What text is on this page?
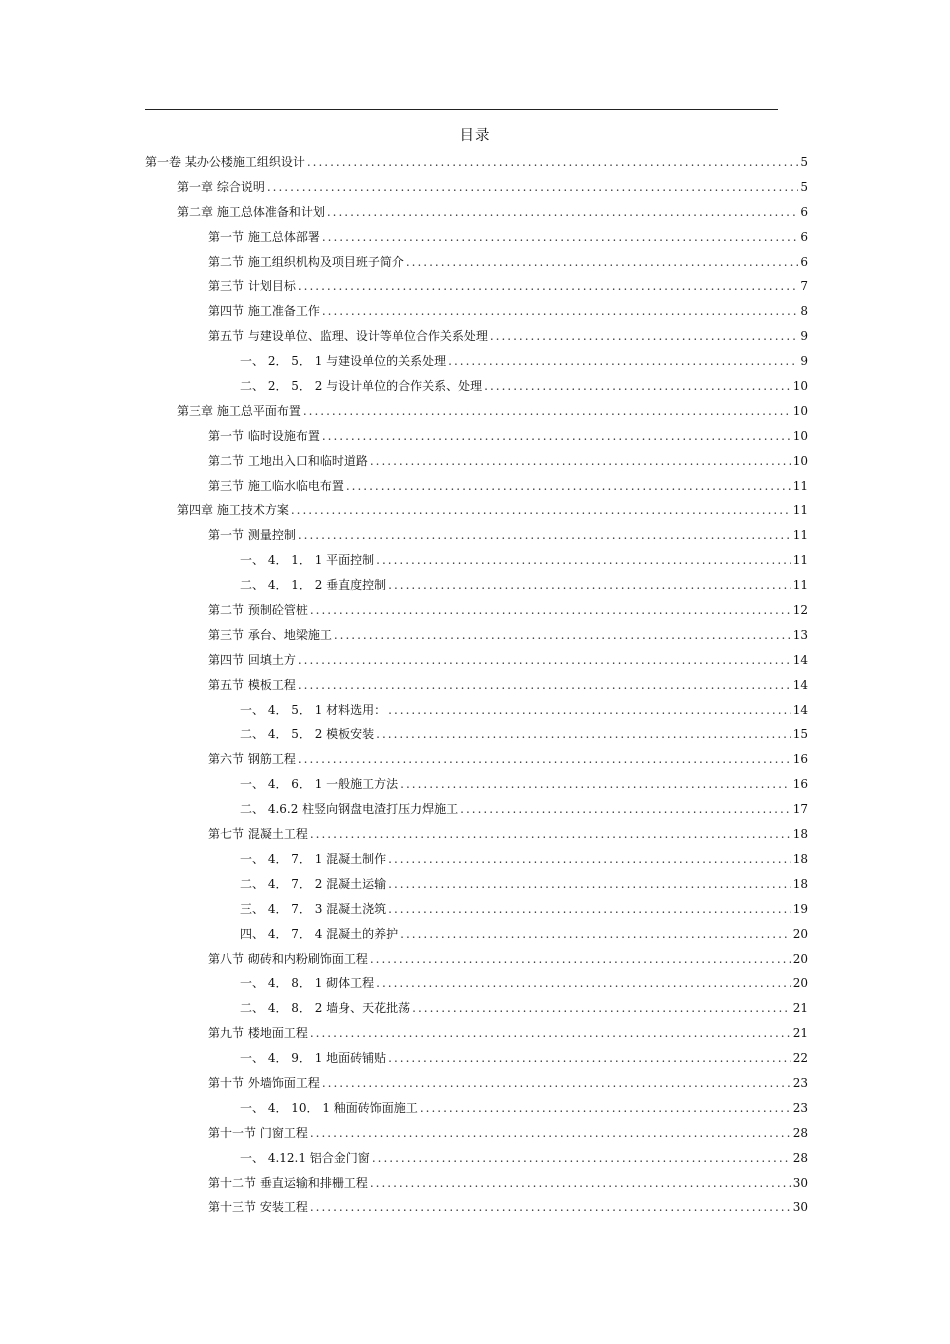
目录
第一卷 某办公楼施工组织设计 .....	5
第一章 综合说明 .....	5
第二章 施工总体准备和计划 .....	6
第一节 施工总体部署 .....	6
第二节 施工组织机构及项目班子简介 .....	6
第三节 计划目标 .....	7
第四节 施工准备工作 .....	8
第五节 与建设单位、监理、设计等单位合作关系处理 .....	9
一、 2． 5． 1 与建设单位的关系处理 .....	9
二、 2． 5． 2 与设计单位的合作关系、处理 .....	10
第三章 施工总平面布置 .....	10
第一节 临时设施布置 .....	10
第二节 工地出入口和临时道路 .....	10
第三节 施工临水临电布置 .....	11
第四章 施工技术方案 .....	11
第一节 测量控制 .....	11
一、 4． 1． 1 平面控制 .....	11
二、 4． 1． 2 垂直度控制 .....	11
第二节 预制砼管桩 .....	12
第三节 承台、地梁施工 .....	13
第四节 回填土方 .....	14
第五节 模板工程 .....	14
一、 4． 5． 1 材料选用： .....	14
二、 4． 5． 2 模板安装 .....	15
第六节 钢筋工程 .....	16
一、 4． 6． 1 一般施工方法 .....	16
二、 4.6.2 柱竖向钢盘电渣打压力焊施工 .....	17
第七节 混凝土工程 .....	18
一、 4． 7． 1 混凝土制作 .....	18
二、 4． 7． 2 混凝土运输 .....	18
三、 4． 7． 3 混凝土浇筑 .....	19
四、 4． 7． 4 混凝土的养护 .....	20
第八节 砌砖和内粉刷饰面工程 .....	20
一、 4． 8． 1 砌体工程 .....	20
二、 4． 8． 2 墙身、天花批荡 .....	21
第九节 楼地面工程 .....	21
一、 4． 9． 1 地面砖铺贴 .....	22
第十节 外墙饰面工程 .....	23
一、 4． 10． 1 釉面砖饰面施工 .....	23
第十一节 门窗工程 .....	28
一、 4.12.1 铝合金门窗 .....	28
第十二节 垂直运输和排栅工程 .....	30
第十三节 安装工程 .....	30
